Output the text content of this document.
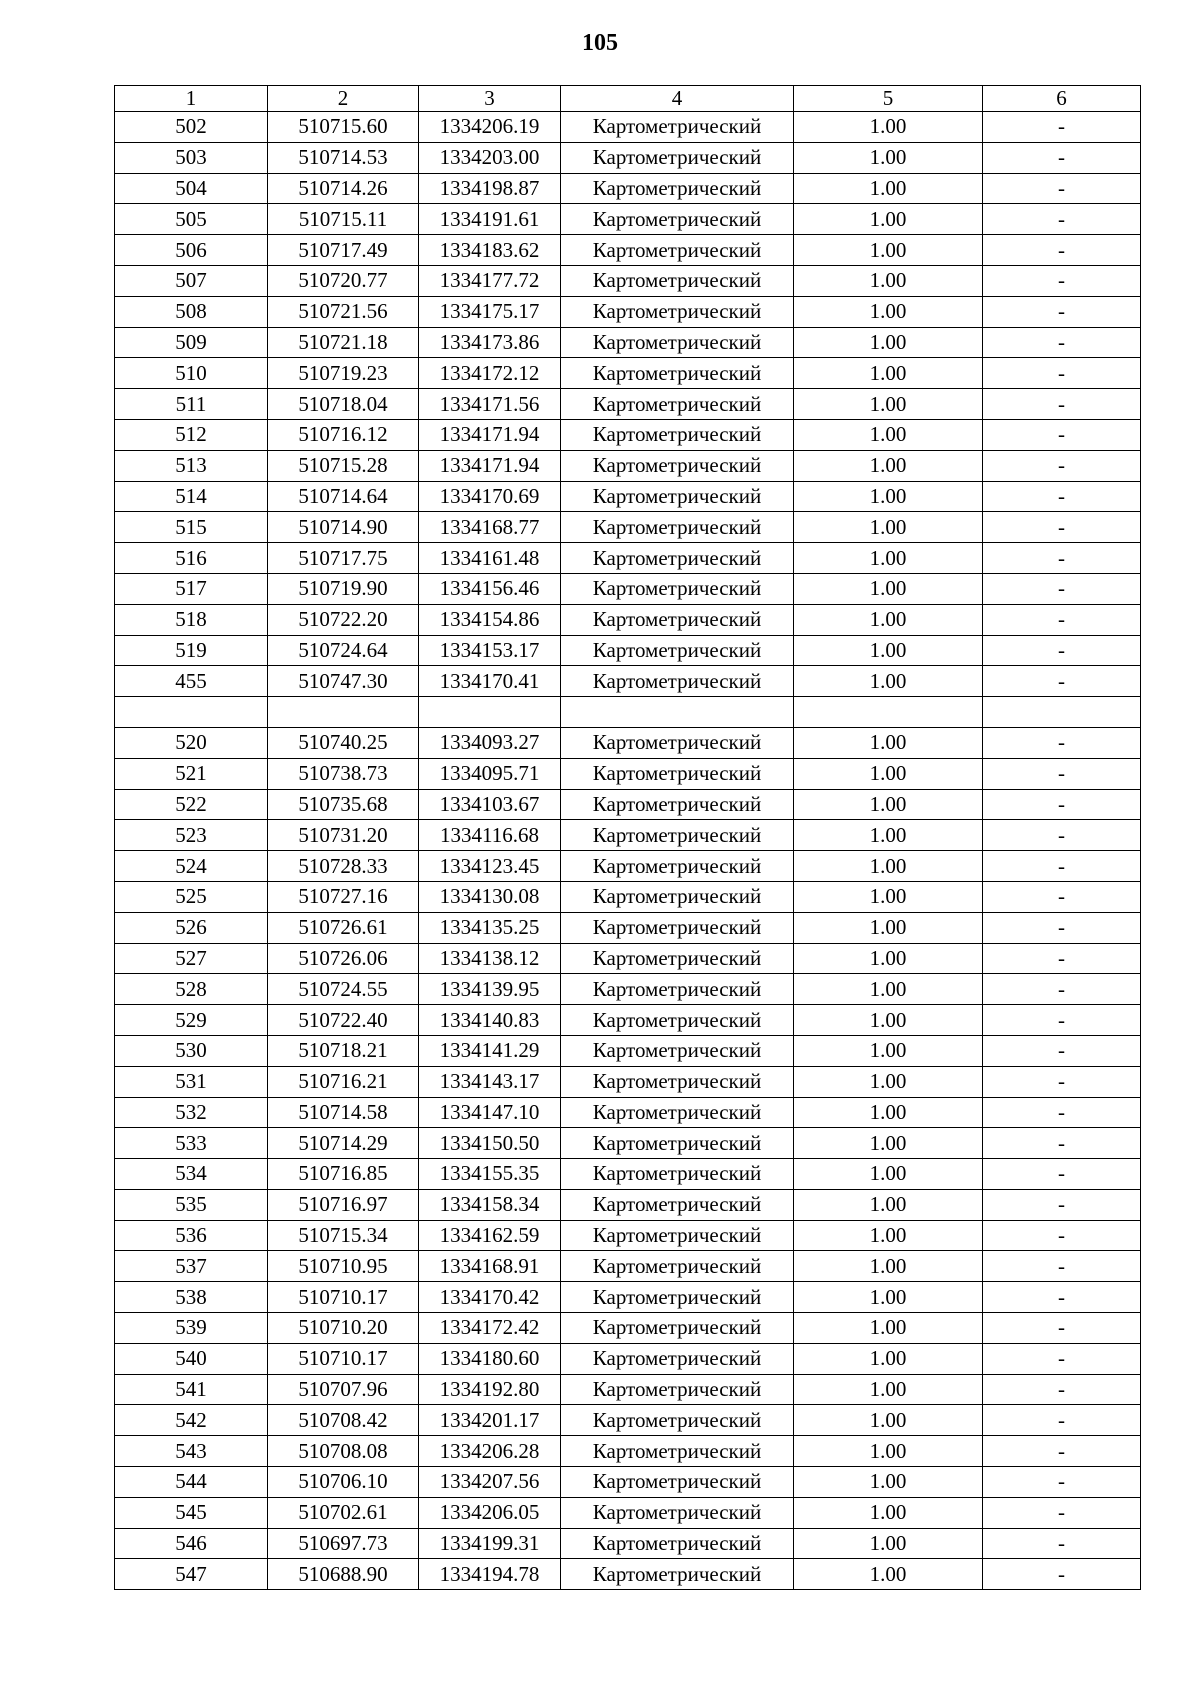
105
1	2	3	4	5	6
502	510715.60	1334206.19	Картометрический	1.00	-
503	510714.53	1334203.00	Картометрический	1.00	-
504	510714.26	1334198.87	Картометрический	1.00	-
505	510715.11	1334191.61	Картометрический	1.00	-
506	510717.49	1334183.62	Картометрический	1.00	-
507	510720.77	1334177.72	Картометрический	1.00	-
508	510721.56	1334175.17	Картометрический	1.00	-
509	510721.18	1334173.86	Картометрический	1.00	-
510	510719.23	1334172.12	Картометрический	1.00	-
511	510718.04	1334171.56	Картометрический	1.00	-
512	510716.12	1334171.94	Картометрический	1.00	-
513	510715.28	1334171.94	Картометрический	1.00	-
514	510714.64	1334170.69	Картометрический	1.00	-
515	510714.90	1334168.77	Картометрический	1.00	-
516	510717.75	1334161.48	Картометрический	1.00	-
517	510719.90	1334156.46	Картометрический	1.00	-
518	510722.20	1334154.86	Картометрический	1.00	-
519	510724.64	1334153.17	Картометрический	1.00	-
455	510747.30	1334170.41	Картометрический	1.00	-

520	510740.25	1334093.27	Картометрический	1.00	-
521	510738.73	1334095.71	Картометрический	1.00	-
522	510735.68	1334103.67	Картометрический	1.00	-
523	510731.20	1334116.68	Картометрический	1.00	-
524	510728.33	1334123.45	Картометрический	1.00	-
525	510727.16	1334130.08	Картометрический	1.00	-
526	510726.61	1334135.25	Картометрический	1.00	-
527	510726.06	1334138.12	Картометрический	1.00	-
528	510724.55	1334139.95	Картометрический	1.00	-
529	510722.40	1334140.83	Картометрический	1.00	-
530	510718.21	1334141.29	Картометрический	1.00	-
531	510716.21	1334143.17	Картометрический	1.00	-
532	510714.58	1334147.10	Картометрический	1.00	-
533	510714.29	1334150.50	Картометрический	1.00	-
534	510716.85	1334155.35	Картометрический	1.00	-
535	510716.97	1334158.34	Картометрический	1.00	-
536	510715.34	1334162.59	Картометрический	1.00	-
537	510710.95	1334168.91	Картометрический	1.00	-
538	510710.17	1334170.42	Картометрический	1.00	-
539	510710.20	1334172.42	Картометрический	1.00	-
540	510710.17	1334180.60	Картометрический	1.00	-
541	510707.96	1334192.80	Картометрический	1.00	-
542	510708.42	1334201.17	Картометрический	1.00	-
543	510708.08	1334206.28	Картометрический	1.00	-
544	510706.10	1334207.56	Картометрический	1.00	-
545	510702.61	1334206.05	Картометрический	1.00	-
546	510697.73	1334199.31	Картометрический	1.00	-
547	510688.90	1334194.78	Картометрический	1.00	-
